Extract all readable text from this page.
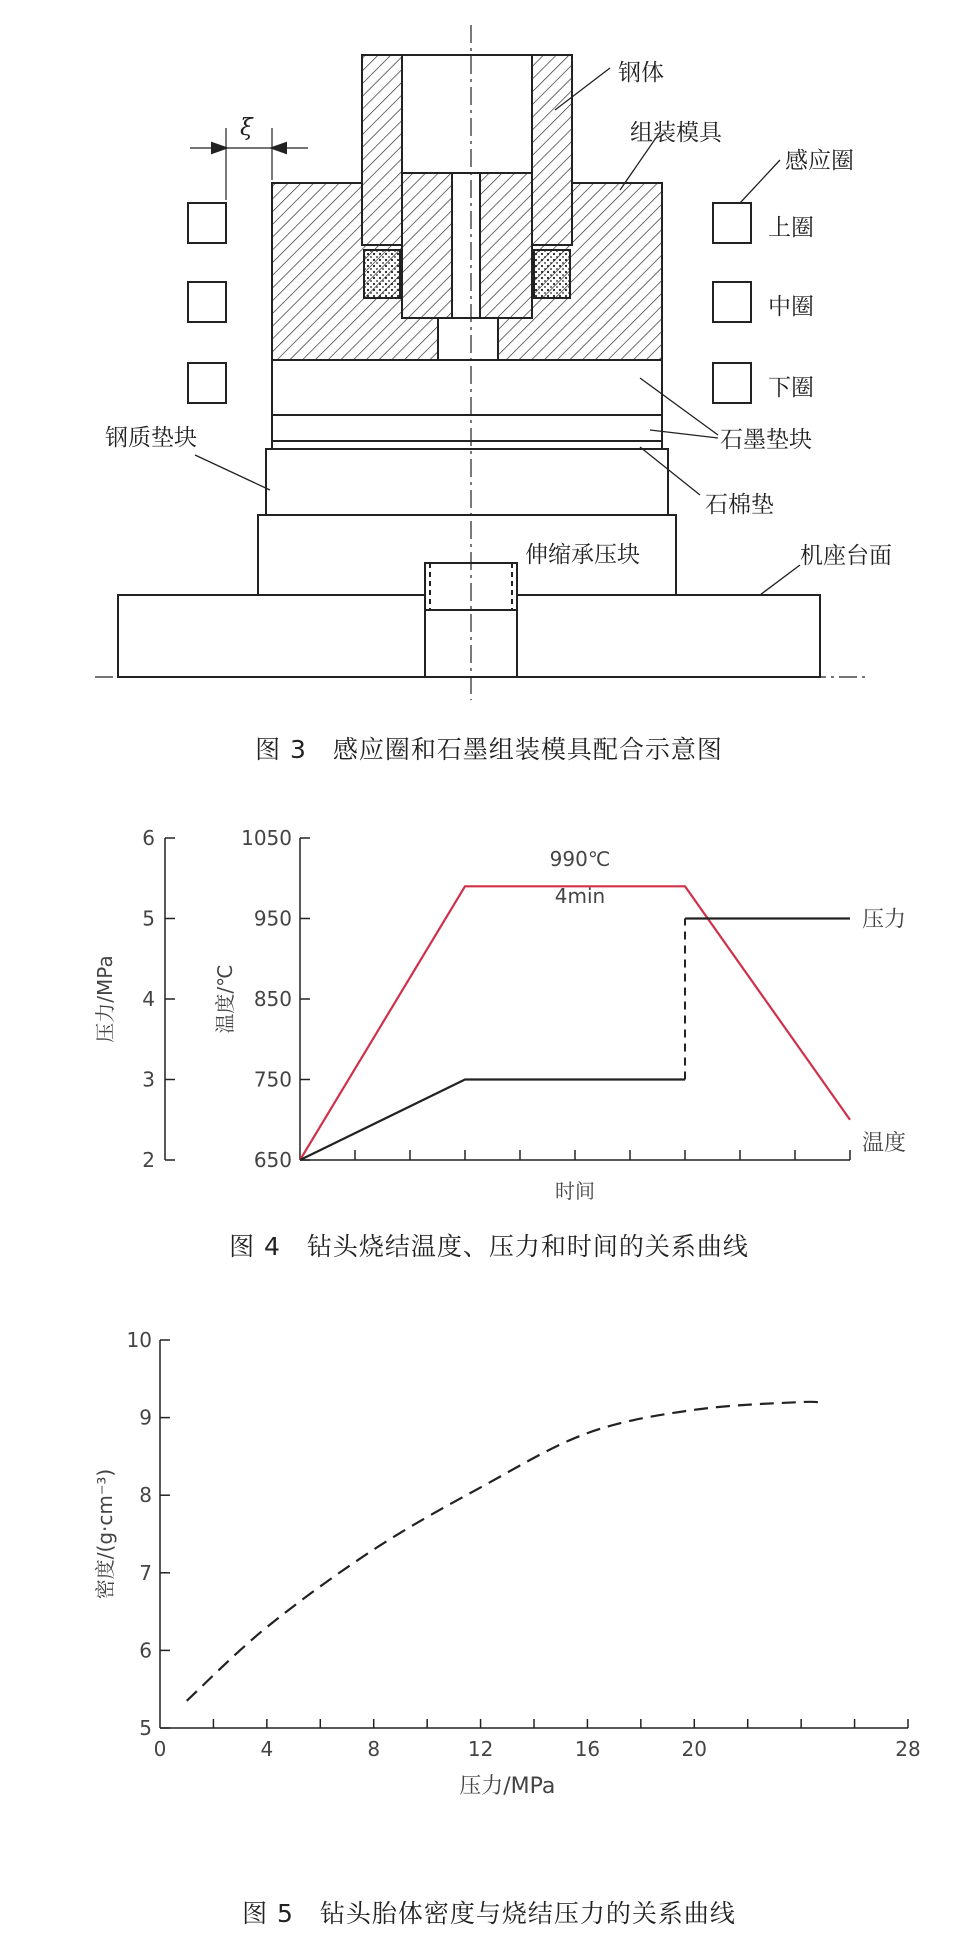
钢体
组装模具
感应圈
上圈
中圈
下圈
石墨垫块
钢质垫块
石棉垫
伸缩承压块	机座台面
ξ
图 3　感应圈和石墨组装模具配合示意图
2
3
4
5
6
压力/MPa
650
750
850
950
1050
温度/℃
时间
温度
压力
990℃
4min
图 4　钻头烧结温度、压力和时间的关系曲线
5
6
7
8
9
10
0	4	8	12	16	20	28
压力/MPa
密度/(g·cm⁻³)
图 5　钻头胎体密度与烧结压力的关系曲线
